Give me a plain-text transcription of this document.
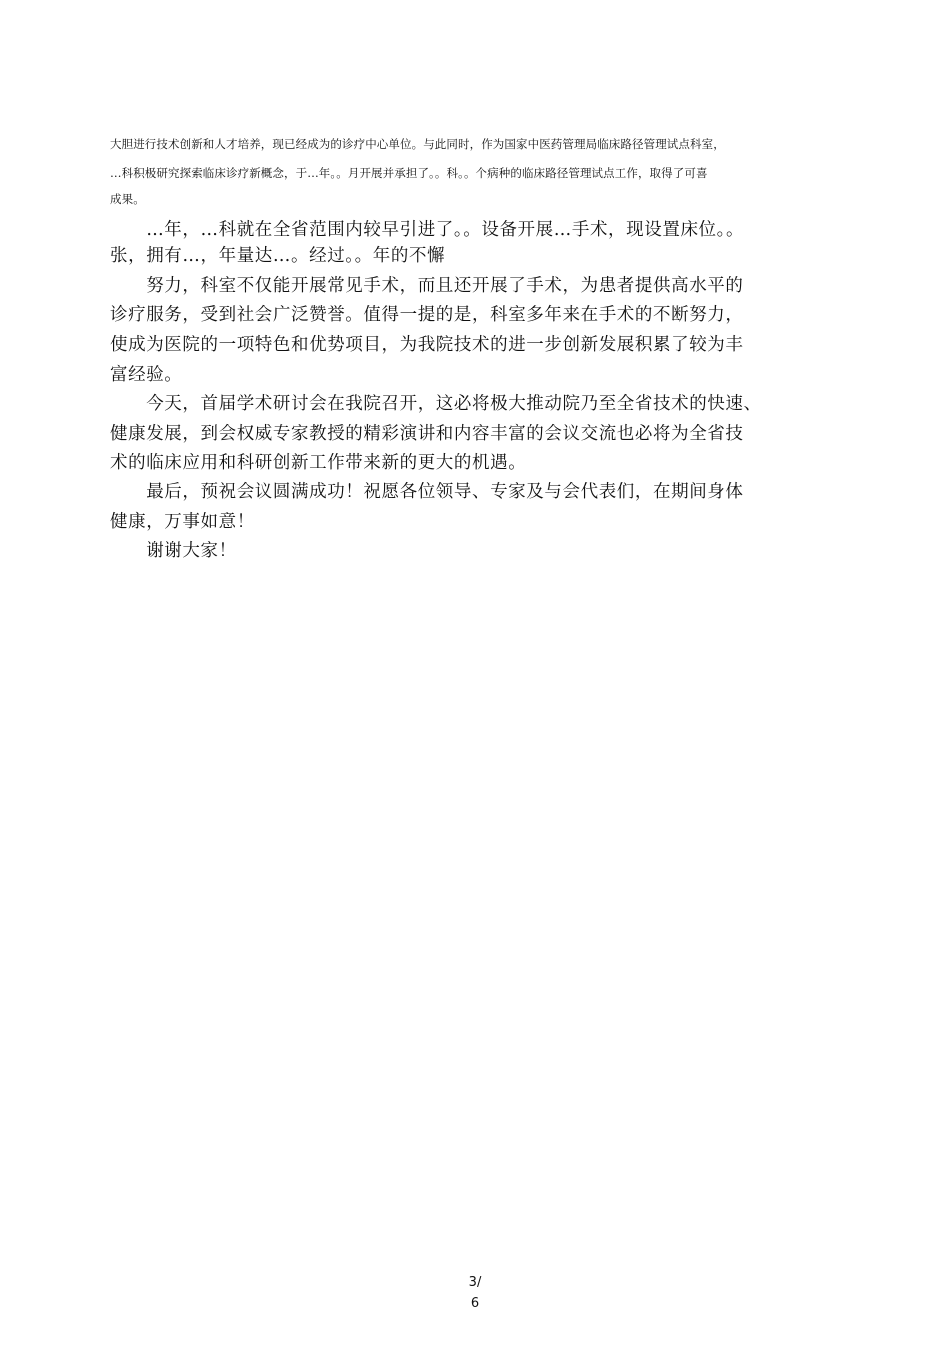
大胆进行技术创新和人才培养，现已经成为的诊疗中心单位。与此同时，作为国家中医药管理局临床路径管理试点科室，
…科积极研究探索临床诊疗新概念，于…年。。月开展并承担了。。科。。个病种的临床路径管理试点工作，取得了可喜
成果。
　　…年，…科就在全省范围内较早引进了。。设备开展…手术，现设置床位。。
张，拥有…，年量达…。经过。。年的不懈
　　努力，科室不仅能开展常见手术，而且还开展了手术，为患者提供高水平的
诊疗服务，受到社会广泛赞誉。值得一提的是，科室多年来在手术的不断努力，
使成为医院的一项特色和优势项目，为我院技术的进一步创新发展积累了较为丰
富经验。
　　今天，首届学术研讨会在我院召开，这必将极大推动院乃至全省技术的快速、
健康发展，到会权威专家教授的精彩演讲和内容丰富的会议交流也必将为全省技
术的临床应用和科研创新工作带来新的更大的机遇。
　　最后，预祝会议圆满成功！祝愿各位领导、专家及与会代表们，在期间身体
健康，万事如意！
　　谢谢大家！
3/
6
